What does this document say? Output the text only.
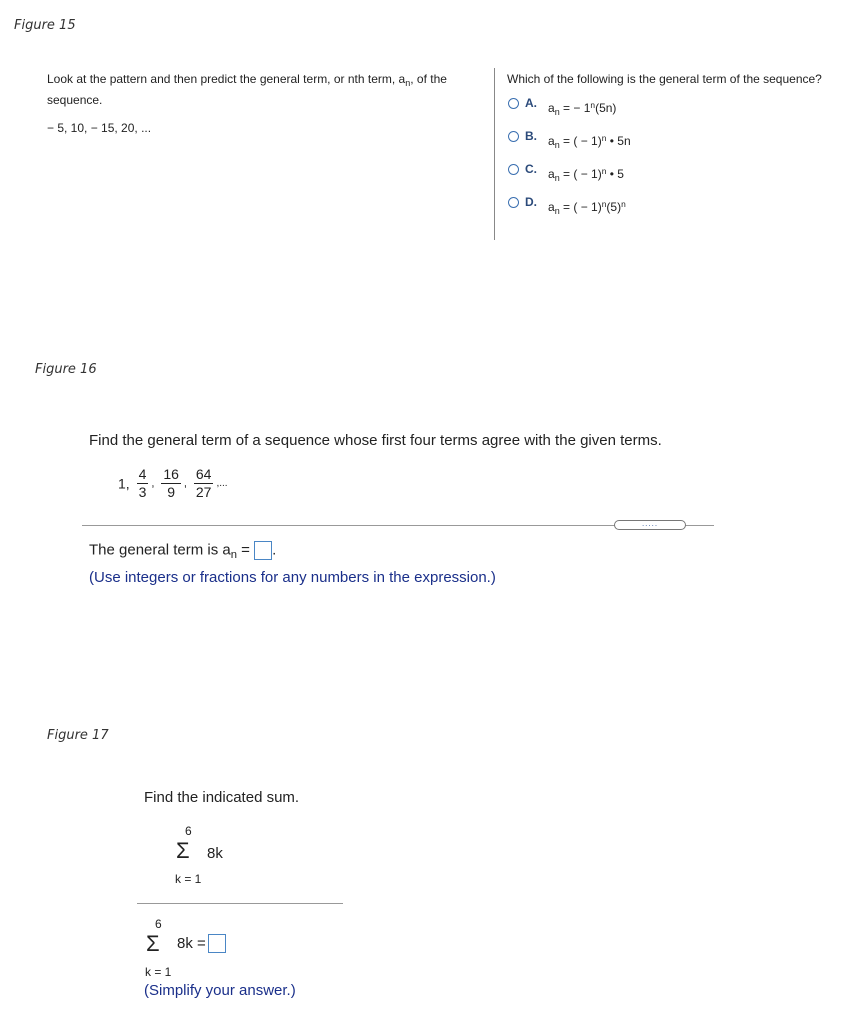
Figure 15
Look at the pattern and then predict the general term, or nth term, $a_n$, of the
sequence.
− 5, 10, − 15, 20, ...
Which of the following is the general term of the sequence?
A. $a_n$ = − $1^n(5n)$
B. $a_n$ = ( − 1)$^n$ • 5n
C. $a_n$ = ( − 1)$^n$ • 5
D. $a_n$ = ( − $1)^n(5)^n$
Figure 16
Find the general term of a sequence whose first four terms agree with the given terms.
1, $\frac{4}{3}$ , $\frac{16}{9}$ , $\frac{64}{27}$ ,...
.....
The general term is $a_n$ = .
(Use integers or fractions for any numbers in the expression.)
Figure 17
Find the indicated sum.
6
Σ 8k
k = 1
6
Σ 8k =
k = 1
(Simplify your answer.)
